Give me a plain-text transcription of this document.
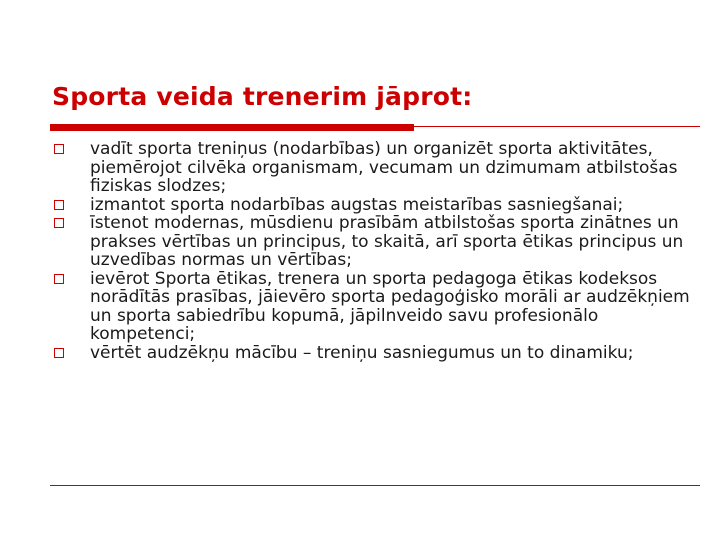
Sporta veida trenerim jāprot:
vadīt sporta treniņus (nodarbības) un organizēt sporta aktivitātes, piemērojot cilvēka organismam, vecumam un dzimumam atbilstošas fiziskas slodzes;
izmantot sporta nodarbības augstas meistarības sasniegšanai;
īstenot modernas, mūsdienu prasībām atbilstošas sporta zinātnes un prakses vērtības un principus, to skaitā, arī sporta ētikas principus un uzvedības normas un vērtības;
ievērot Sporta ētikas, trenera un sporta pedagoga ētikas kodeksos norādītās prasības, jāievēro sporta pedagoģisko morāli ar audzēkņiem un sporta sabiedrību kopumā, jāpilnveido savu profesionālo kompetenci;
vērtēt audzēkņu mācību – treniņu sasniegumus un to dinamiku;
